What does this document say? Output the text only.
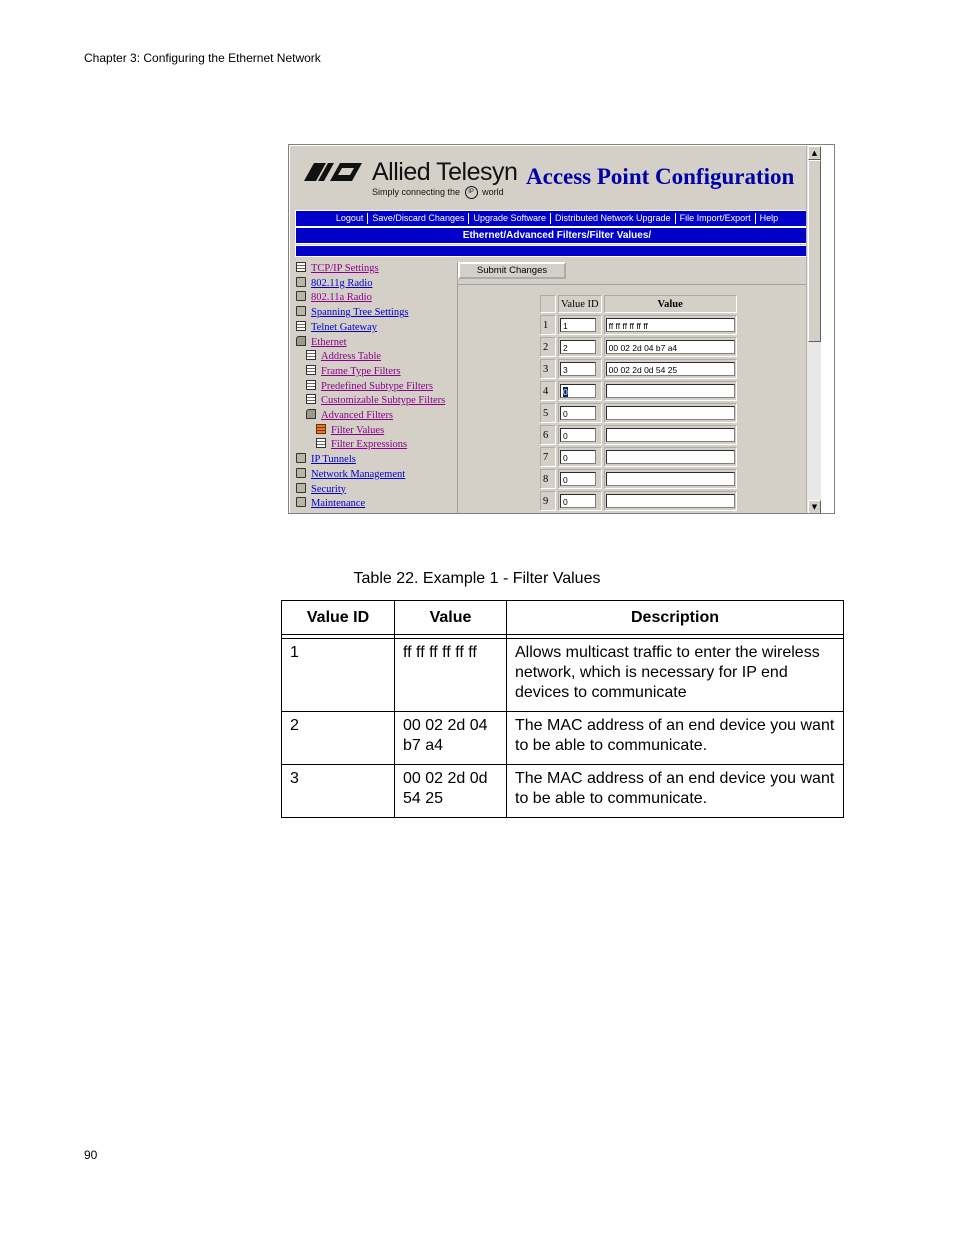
Chapter 3: Configuring the Ethernet Network
Allied Telesyn
Simply connecting the IP world
Access Point Configuration
Logout	Save/Discard Changes	Upgrade Software	Distributed Network Upgrade	File Import/Export	Help
Ethernet/Advanced Filters/Filter Values/
TCP/IP Settings
802.11g Radio
802.11a Radio
Spanning Tree Settings
Telnet Gateway
Ethernet
Address Table
Frame Type Filters
Predefined Subtype Filters
Customizable Subtype Filters
Advanced Filters
Filter Values
Filter Expressions
IP Tunnels
Network Management
Security
Maintenance
Submit Changes
	Value ID	Value
1	1	ff ff ff ff ff ff

2	2	00 02 2d 04 b7 a4

3	3	00 02 2d 0d 54 25

4	0	

5	0	

6	0	

7	0	

8	0	

9	0	

▲
▼
Table 22. Example 1 - Filter Values
Value ID	Value	Description

1	ff ff ff ff ff ff	Allows multicast traffic to enter the wireless network, which is necessary for IP end devices to communicate
2	00 02 2d 04 b7 a4	The MAC address of an end device you want to be able to communicate.
3	00 02 2d 0d 54 25	The MAC address of an end device you want to be able to communicate.
90
